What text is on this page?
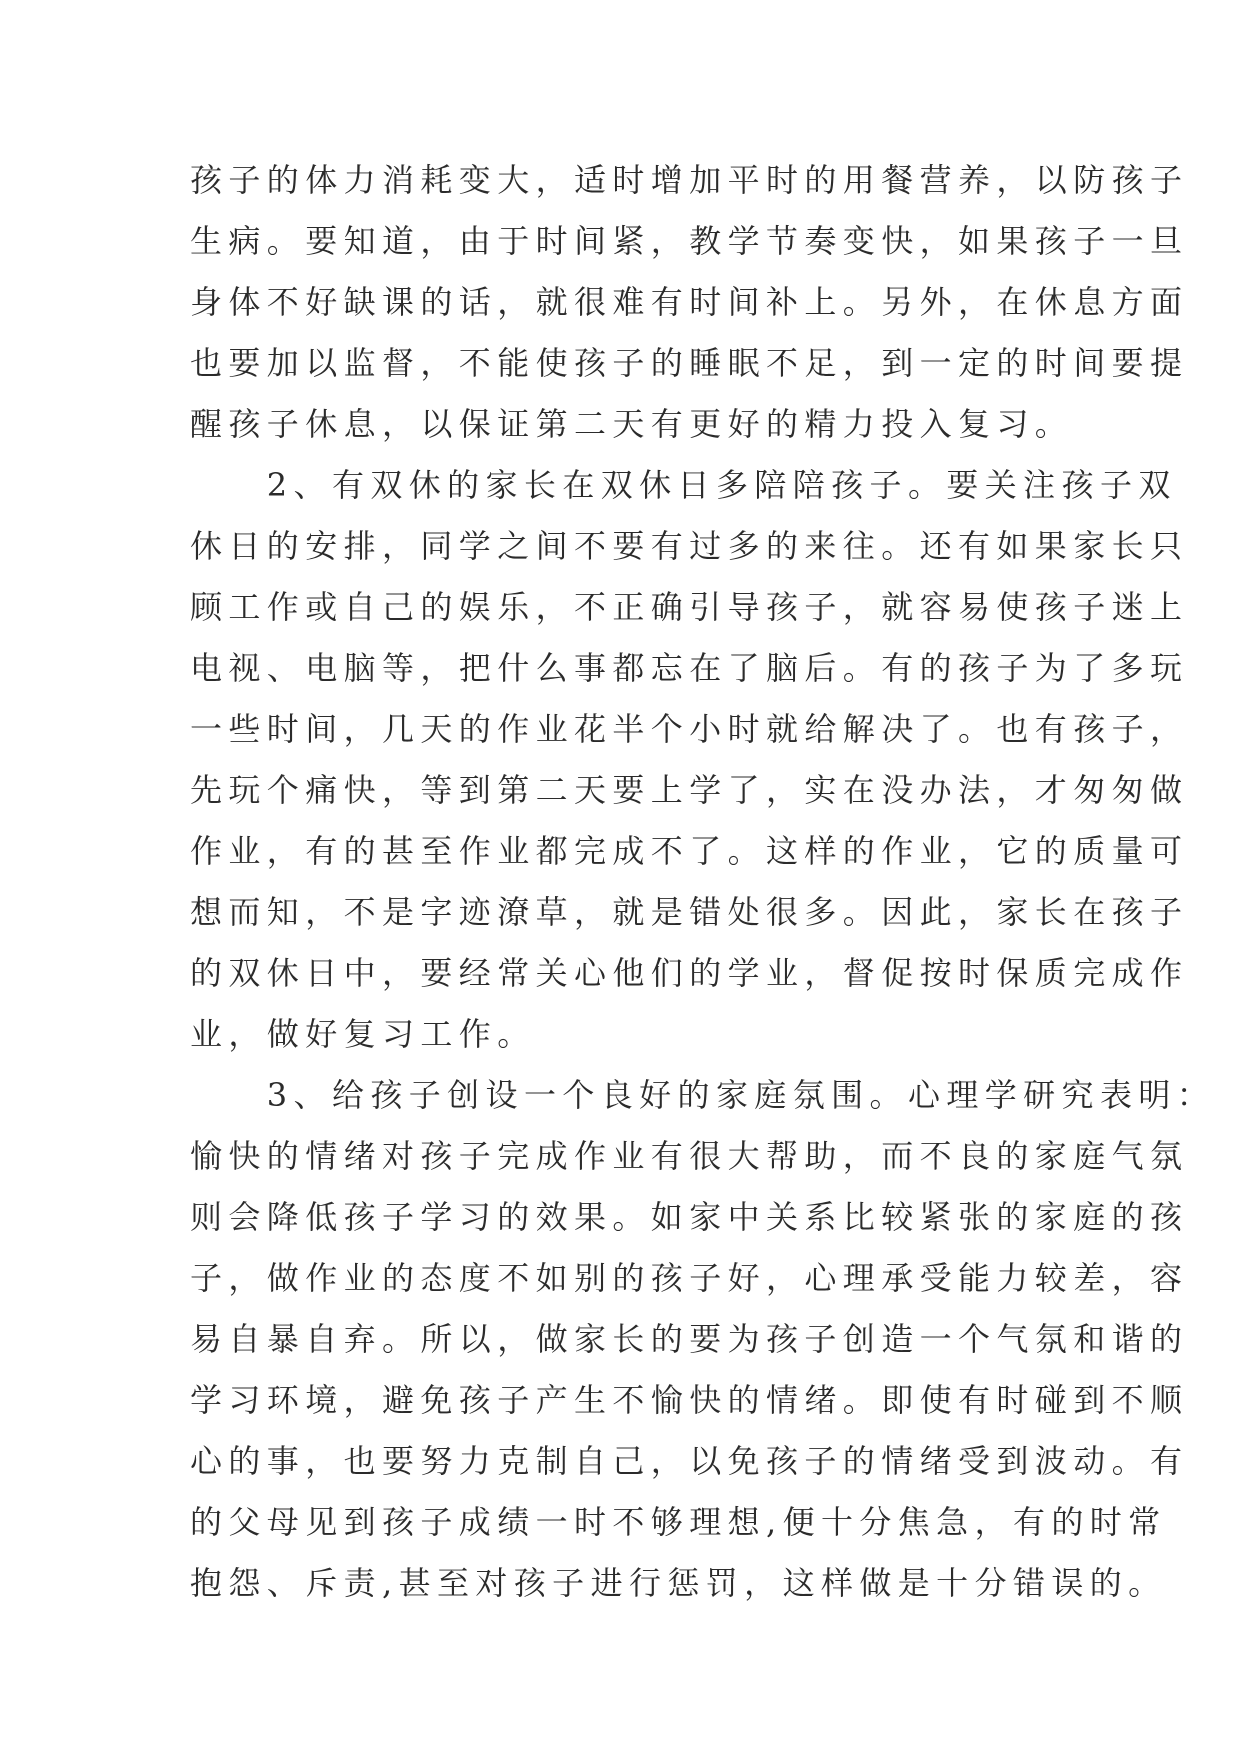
孩子的体力消耗变大，适时增加平时的用餐营养，以防孩子
生病。要知道，由于时间紧，教学节奏变快，如果孩子一旦
身体不好缺课的话，就很难有时间补上。另外，在休息方面
也要加以监督，不能使孩子的睡眠不足，到一定的时间要提
醒孩子休息，以保证第二天有更好的精力投入复习。
　　2、有双休的家长在双休日多陪陪孩子。要关注孩子双
休日的安排，同学之间不要有过多的来往。还有如果家长只
顾工作或自己的娱乐，不正确引导孩子，就容易使孩子迷上
电视、电脑等，把什么事都忘在了脑后。有的孩子为了多玩
一些时间，几天的作业花半个小时就给解决了。也有孩子，
先玩个痛快，等到第二天要上学了，实在没办法，才匆匆做
作业，有的甚至作业都完成不了。这样的作业，它的质量可
想而知，不是字迹潦草，就是错处很多。因此，家长在孩子
的双休日中，要经常关心他们的学业，督促按时保质完成作
业，做好复习工作。
　　3、给孩子创设一个良好的家庭氛围。心理学研究表明：
愉快的情绪对孩子完成作业有很大帮助，而不良的家庭气氛
则会降低孩子学习的效果。如家中关系比较紧张的家庭的孩
子，做作业的态度不如别的孩子好，心理承受能力较差，容
易自暴自弃。所以，做家长的要为孩子创造一个气氛和谐的
学习环境，避免孩子产生不愉快的情绪。即使有时碰到不顺
心的事，也要努力克制自己，以免孩子的情绪受到波动。有
的父母见到孩子成绩一时不够理想,便十分焦急，有的时常
抱怨、斥责,甚至对孩子进行惩罚，这样做是十分错误的。
